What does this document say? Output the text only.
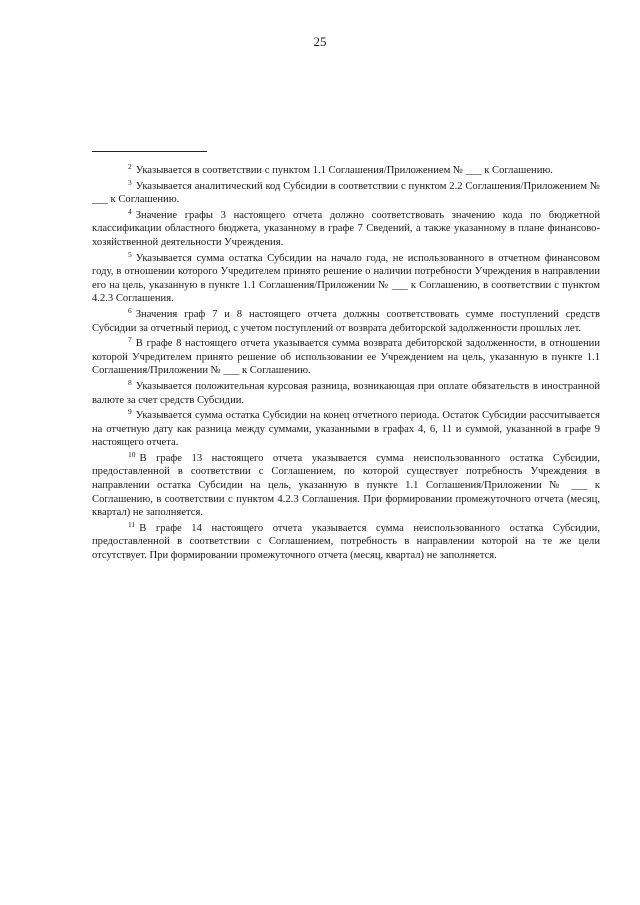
25

$^2$ Указывается в соответствии с пунктом 1.1 Соглашения/Приложением № ___ к Соглашению.

$^3$ Указывается аналитический код Субсидии в соответствии с пунктом 2.2 Соглашения/Приложением № ___ к Соглашению.

$^4$ Значение графы 3 настоящего отчета должно соответствовать значению кода по бюджетной классификации областного бюджета, указанному в графе 7 Сведений, а также указанному в плане финансово-хозяйственной деятельности Учреждения.

$^5$ Указывается сумма остатка Субсидии на начало года, не использованного в отчетном финансовом году, в отношении которого Учредителем принято решение о наличии потребности Учреждения в направлении его на цель, указанную в пункте 1.1 Соглашения/Приложении № ___ к Соглашению, в соответствии с пунктом 4.2.3 Соглашения.

$^6$ Значения граф 7 и 8 настоящего отчета должны соответствовать сумме поступлений средств Субсидии за отчетный период, с учетом поступлений от возврата дебиторской задолженности прошлых лет.

$^7$ В графе 8 настоящего отчета указывается сумма возврата дебиторской задолженности, в отношении которой Учредителем принято решение об использовании ее Учреждением на цель, указанную в пункте 1.1 Соглашения/Приложении № ___ к Соглашению.

$^8$ Указывается положительная курсовая разница, возникающая при оплате обязательств в иностранной валюте за счет средств Субсидии.

$^9$ Указывается сумма остатка Субсидии на конец отчетного периода. Остаток Субсидии рассчитывается на отчетную дату как разница между суммами, указанными в графах 4, 6, 11 и суммой, указанной в графе 9 настоящего отчета.

$^{10}$ В графе 13 настоящего отчета указывается сумма неиспользованного остатка Субсидии, предоставленной в соответствии с Соглашением, по которой существует потребность Учреждения в направлении остатка Субсидии на цель, указанную в пункте 1.1 Соглашения/Приложении № ___ к Соглашению, в соответствии с пунктом 4.2.3 Соглашения. При формировании промежуточного отчета (месяц, квартал) не заполняется.

$^{11}$ В графе 14 настоящего отчета указывается сумма неиспользованного остатка Субсидии, предоставленной в соответствии с Соглашением, потребность в направлении которой на те же цели отсутствует. При формировании промежуточного отчета (месяц, квартал) не заполняется.
